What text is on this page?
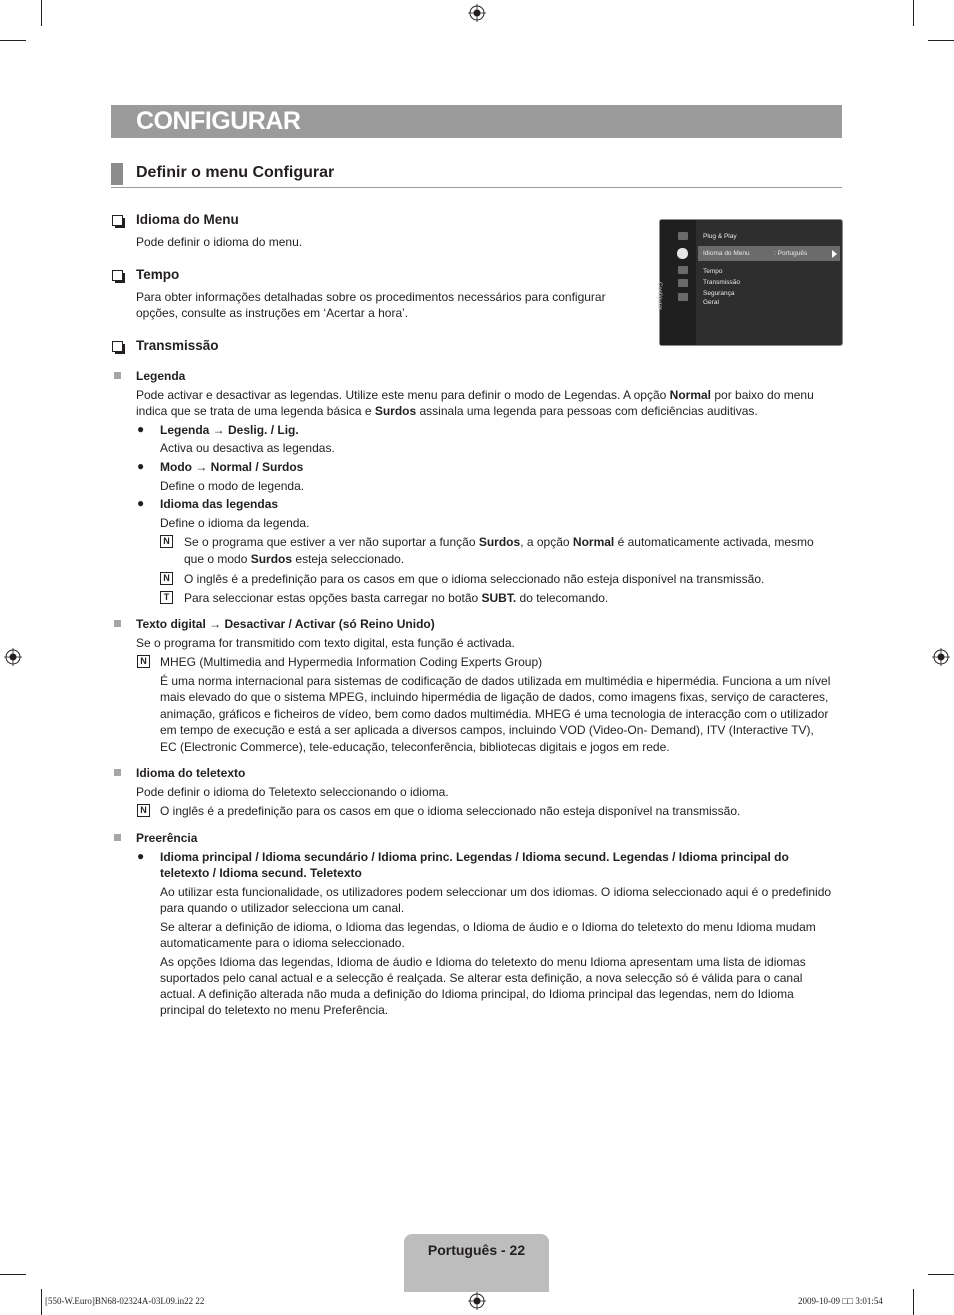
CONFIGURAR
Definir o menu Configurar
Configurar
Plug & Play
Idioma do Menu	: Português
Tempo
Transmissão
Segurança
Geral
Idioma do Menu
Pode definir o idioma do menu.
Tempo
Para obter informações detalhadas sobre os procedimentos necessários para configurar
opções, consulte as instruções em ‘Acertar a hora’.
Transmissão
Legenda
Pode activar e desactivar as legendas. Utilize este menu para definir o modo de Legendas. A opção Normal por baixo do menu
indica que se trata de uma legenda básica e Surdos assinala uma legenda para pessoas com deficiências auditivas.
● Legenda → Deslig. / Lig.
Activa ou desactiva as legendas.
● Modo → Normal / Surdos
Define o modo de legenda.
● Idioma das legendas
Define o idioma da legenda.
N Se o programa que estiver a ver não suportar a função Surdos, a opção Normal é automaticamente activada, mesmo
que o modo Surdos esteja seleccionado.
N O inglês é a predefinição para os casos em que o idioma seleccionado não esteja disponível na transmissão.
T	Para seleccionar estas opções basta carregar no botão SUBT. do telecomando.
Texto digital → Desactivar / Activar (só Reino Unido)
Se o programa for transmitido com texto digital, esta função é activada.
N MHEG (Multimedia and Hypermedia Information Coding Experts Group)
É uma norma internacional para sistemas de codificação de dados utilizada em multimédia e hipermédia. Funciona a um nível
mais elevado do que o sistema MPEG, incluindo hipermédia de ligação de dados, como imagens fixas, serviço de caracteres,
animação, gráficos e ficheiros de vídeo, bem como dados multimédia. MHEG é uma tecnologia de interacção com o utilizador
em tempo de execução e está a ser aplicada a diversos campos, incluindo VOD (Video-On- Demand), ITV (Interactive TV),
EC (Electronic Commerce), tele-educação, teleconferência, bibliotecas digitais e jogos em rede.
Idioma do teletexto
Pode definir o idioma do Teletexto seleccionando o idioma.
N O inglês é a predefinição para os casos em que o idioma seleccionado não esteja disponível na transmissão.
Preerência
● Idioma principal / Idioma secundário / Idioma princ. Legendas / Idioma secund. Legendas / Idioma principal do
teletexto / Idioma secund. Teletexto
Ao utilizar esta funcionalidade, os utilizadores podem seleccionar um dos idiomas. O idioma seleccionado aqui é o predefinido
para quando o utilizador selecciona um canal.
Se alterar a definição de idioma, o Idioma das legendas, o Idioma de áudio e o Idioma do teletexto do menu Idioma mudam
automaticamente para o idioma seleccionado.
As opções Idioma das legendas, Idioma de áudio e Idioma do teletexto do menu Idioma apresentam uma lista de idiomas
suportados pelo canal actual e a selecção é realçada. Se alterar esta definição, a nova selecção só é válida para o canal
actual. A definição alterada não muda a definição do Idioma principal, do Idioma principal das legendas, nem do Idioma
principal do teletexto no menu Preferência.
Português - 22
[550-W.Euro]BN68-02324A-03L09.in22 22	2009-10-09 □□ 3:01:54
